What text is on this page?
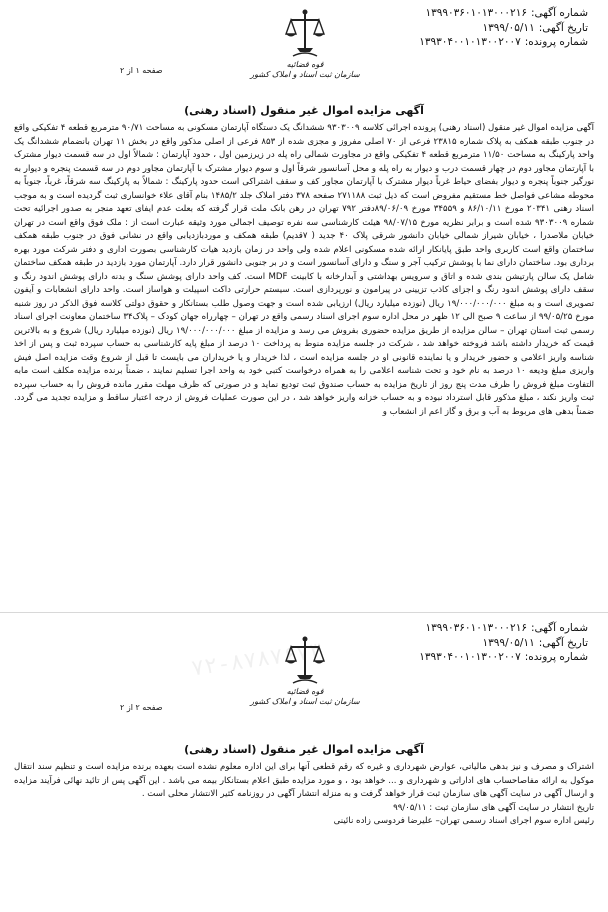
۷۲-۸۷۸۷۶۷۳
شماره آگهی:
۱۳۹۹۰۳۶۰۱۰۱۳۰۰۰۲۱۶
تاریخ آگهی:
۱۳۹۹/۰۵/۱۱
شماره پرونده:
۱۳۹۳۰۴۰۰۱۰۱۳۰۰۲۰۰۷
قوه قضائیه
سازمان ثبت اسناد و املاک کشور
صفحه ۱ از ۲
آگهی مزایده اموال غیر منقول (اسناد رهنی)
آگهی مزایده اموال غیر منقول (اسناد رهنی) پرونده اجرائی کلاسه ۹۳۰۳۰۰۹ ششدانگ یک دستگاه آپارتمان مسکونی به مساحت ۹۰/۷۱ مترمربع قطعه ۴ تفکیکی واقع در جنوب طبقه همکف به پلاک شماره ۲۳۸۱۵ فرعی از ۷۰ اصلی مفروز و مجزی شده از ۸۵۳ فرعی از اصلی مذکور واقع در بخش ۱۱ تهران بانضمام ششدانگ یک واحد پارکینگ به مساحت ۱۱/۵۰ مترمربع قطعه ۴ تفکیکی واقع در مجاورت شمالی راه پله در زیرزمین اول ، حدود آپارتمان : شمالاً اول در سه قسمت دیوار مشترک با آپارتمان مجاور دوم در چهار قسمت درب و دیوار به راه پله و محل آسانسور شرقاً اول و سوم دیوار مشترک با آپارتمان مجاور دوم در سه قسمت پنجره و دیوار به نورگیر جنوباً پنجره و دیوار بفضای حیاط غرباً دیوار مشترک با آپارتمان مجاور کف و سقف اشتراکی است حدود پارکینگ : شمالاً به پارکینگ سه شرقاً، غرباً، جنوباً به محوطه مشاعی فواصل خط مستقیم مفروض است که ذیل ثبت ۲۷۱۱۸۸ صفحه ۳۷۸ دفتر املاک جلد ۱۴۸۵/۲ بنام آقای علاء خوانساری ثبت گردیده است و به موجب اسناد رهنی ۲۰۳۴۱ مورخ ۸۶/۱۰/۱۱ و ۳۴۵۵۹ مورخ ۸۹/۰۶/۰۹دفتر ۷۹۲ تهران در رهن بانک ملت قرار گرفته که بعلت عدم ایفای تعهد منجر به صدور اجرائیه تحت شماره ۹۳۰۳۰۰۹ شده است و برابر نظریه مورخ ۹۸/۰۷/۱۵ هیئت کارشناسی سه نفره توصیف اجمالی مورد وثیقه عبارت است از : ملک فوق واقع است در تهران خیابان ملاصدرا ، خیابان شیراز شمالی خیابان دانشور شرقی پلاک ۴۰ جدید ( ۷قدیم) طبقه همکف و موردبازدیابی واقع در نشانی فوق در جنوب طبقه همکف ساختمان واقع است کاربری واحد طبق پایانکار ارائه شده مسکونی اعلام شده ولی واحد در زمان بازدید هیات کارشناسی بصورت اداری و دفتر شرکت مورد بهره برداری بود. ساختمان دارای نما با پوشش ترکیب آجر و سنگ و دارای آسانسور است و در بر جنوبی دانشور قرار دارد. آپارتمان مورد بازدید در طبقه همکف ساختمان شامل یک سالن پارتیشن بندی شده و اتاق و سرویس بهداشتی و آبدارخانه با کابینت MDF است. کف واحد دارای پوشش سنگ و بدنه دارای پوشش اندود رنگ و سقف دارای پوشش اندود رنگ و اجزای کاذب تزیینی در پیرامون و نورپردازی است. سیستم حرارتی داکت اسپیلت و هواساز است. واحد دارای انشعابات و آیفون تصویری است و به مبلغ ۱۹/۰۰۰/۰۰۰/۰۰۰ ریال (نوزده میلیارد ریال) ارزیابی شده است و جهت وصول طلب بستانکار و حقوق دولتی کلاسه فوق الذکر در روز شنبه مورخ ۹۹/۰۵/۲۵ از ساعت ۹ صبح الی ۱۲ ظهر در محل اداره سوم اجرای اسناد رسمی واقع در تهران – چهارراه جهان کودک – پلاک۳۴ ساختمان معاونت اجرای اسناد رسمی ثبت استان تهران – سالن مزایده از طریق مزایده حضوری بفروش می رسد و مزایده از مبلغ ۱۹/۰۰۰/۰۰۰/۰۰۰ ریال (نوزده میلیارد ریال) شروع و به بالاترین قیمت که خریدار داشته باشد فروخته خواهد شد ، شرکت در جلسه مزایده منوط به پرداخت ۱۰ درصد از مبلغ پایه کارشناسی به حساب سپرده ثبت و پس از اخذ شناسه واریز اعلامی و حضور خریدار و یا نماینده قانونی او در جلسه مزایده است ، لذا خریدار و یا خریداران می بایست تا قبل از شروع وقت مزایده اصل فیش واریزی مبلغ ودیعه ۱۰ درصد به نام خود و تحت شناسه اعلامی را به همراه درخواست کتبی خود به واحد اجرا تسلیم نمایند ، ضمناً برنده مزایده مکلف است مابه التفاوت مبلغ فروش را ظرف مدت پنج روز از تاریخ مزایده به حساب صندوق ثبت تودیع نماید و در صورتی که ظرف مهلت مقرر مانده فروش را به حساب سپرده ثبت واریز نکند ، مبلغ مذکور قابل استرداد نبوده و به حساب خزانه واریز خواهد شد ، در این صورت عملیات فروش از درجه اعتبار ساقط و مزایده تجدید می گردد. ضمناً بدهی های مربوط به آب و برق و گاز اعم از انشعاب و
شماره آگهی:
۱۳۹۹۰۳۶۰۱۰۱۳۰۰۰۲۱۶
تاریخ آگهی:
۱۳۹۹/۰۵/۱۱
شماره پرونده:
۱۳۹۳۰۴۰۰۱۰۱۳۰۰۲۰۰۷
قوه قضائیه
سازمان ثبت اسناد و املاک کشور
صفحه ۲ از ۲
آگهی مزایده اموال غیر منقول (اسناد رهنی)
اشتراک و مصرف و نیز بدهی مالیاتی، عوارض شهرداری و غیره که رقم قطعی آنها برای این اداره معلوم نشده است بعهده برنده مزایده است و تنظیم سند انتقال موکول به ارائه مفاصاحساب های اداراتی و شهرداری و ... خواهد بود ، و مورد مزایده طبق اعلام بستانکار بیمه می باشد . این آگهی پس از تائید نهائی فرآیند مزایده و ارسال آگهی در سایت آگهی های سازمان ثبت قرار خواهد گرفت و به منزله انتشار آگهی در روزنامه کثیر الانتشار محلی است .
تاریخ انتشار در سایت آگهی های سازمان ثبت : ۹۹/۰۵/۱۱
رئیس اداره سوم اجرای اسناد رسمی تهران– علیرضا فردوسی زاده نائینی
